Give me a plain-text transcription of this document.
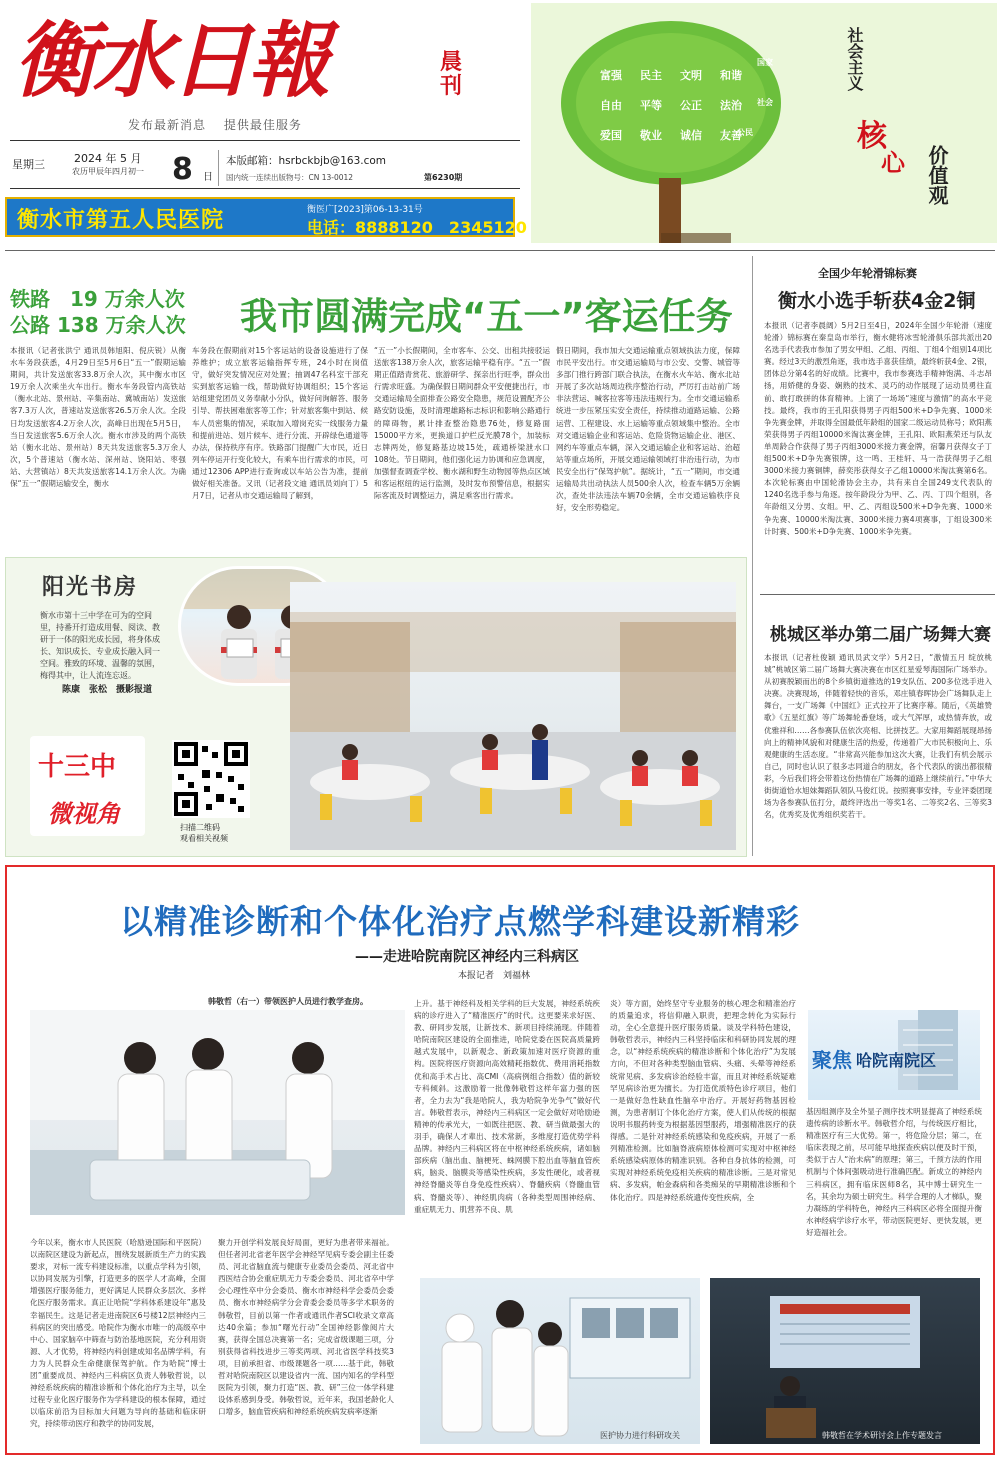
衡水日報	晨刊
发布最新消息　 提供最佳服务
星期三	2024 年 5 月
农历甲辰年四月初一 8 日
本版邮箱：hsrbckbjb@163.com
国内统一连续出版物号：CN 13-0012	第6230期
衡水市第五人民医院	衡医广[2023]第06-13-31号
电话：8888120　2345120
富强	民主	文明	和谐
自由	平等	公正	法治
爱国	敬业	诚信	友善
国家
社会
公民
社会主义
核
心 价值观
铁路　19 万余人次
公路 138 万余人次 我市圆满完成“五一”客运任务
本报讯（记者张洪宁 通讯员韩旭阳、倪庆锐）从衡水车务段获悉，4月29日至5月6日“五一”假期运输期间，共计发送旅客33.8万余人次，其中衡水市区19万余人次乘坐火车出行。衡水车务段管内高铁站（衡水北站、景州站、辛集南站、冀城南站）发送旅客7.3万人次，普速站发送旅客26.5万余人次。全段日均发送旅客4.2万余人次，高峰日出现在5月5日，当日发送旅客5.6万余人次。衡水市涉及的两个高铁站（衡水北站、景州站）8天共发送旅客5.3万余人次，5个普速站（衡水站、深州站、饶阳站、枣强站、大营镇站）8天共发送旅客14.1万余人次。为确保“五一”假期运输安全，衡水
车务段在假期前对15个客运站的设备设施进行了保养维护；成立旅客运输指挥专班，24小时在岗值守，做好突发情况应对处置；抽调47名科室干部充实到旅客运输一线，帮助做好协调组织；15个客运站组建党团员义务奉献小分队，做好问询解答、服务引导、帮扶困难旅客等工作；针对旅客集中到站、候车人员密集的情况，采取加入增岗充实一线服务力量和提前进站、划片候车、进行分流、开辟绿色通道等办法，保持秩序有序。铁路部门提醒广大市民，近日列车停运开行变化较大，有乘车出行需求的市民，可通过12306 APP进行查询或以车站公告为准，提前做好相关准备。又讯（记者段文迪 通讯员刘向丁）5月7日，记者从市交通运输局了解到，
“五一”小长假期间，全市客车、公交、出租共接驳运送旅客138万余人次，旅客运输平稳有序。“五一”假期正值踏青赏花、旅游研学、探亲出行旺季，群众出行需求旺盛。为确保假日期间群众平安便捷出行，市交通运输局全面排查公路安全隐患，规范设置配齐公路安防设施，及时清理雄路标志标识和影响公路通行的障碍物，累计排查整治隐患76处，修复路面15000平方米，更换道口护栏反光膜78个，加装标志牌两处，修复路基边坡15处，疏通桥梁泄水口108处。节日期间，他们强化运力协调和应急调度，加强督查调查学校、衡水湖和野生动物园等热点区域和客运枢纽的运行监测，及时发布预警信息，根据实际客流及时调整运力，满足乘客出行需求。
假日期间，我市加大交通运输重点领域执法力度，保障市民平安出行。市交通运输局与市公安、交警、城管等多部门推行跨部门联合执法，在衡水火车站、衡水北站开展了多次站场周边秩序整治行动，严厉打击站前广场非法营运、喊客拉客等违法违规行为。全市交通运输系统进一步压紧压实安全责任，持续推动道路运输、公路运营、工程建设、水上运输等重点领域集中整治。全市对交通运输企业和客运站、危险货物运输企业、港区、网约车等重点车辆，深入交通运输企业和客运站、治超站等重点场所，开展交通运输领域打非治违行动，为市民安全出行“保驾护航”。据统计，“五一”期间，市交通运输局共出动执法人员500余人次，检查车辆5万余辆次，查处非法违法车辆70余辆，全市交通运输秩序良好，安全形势稳定。
全国少年轮滑锦标赛
衡水小选手斩获4金2铜
本报讯（记者李晨阔）5月2日至4日，2024年全国少年轮滑（速度轮滑）锦标赛在秦皇岛市举行，衡水健将冰雪轮滑俱乐部共派出20名选手代表我市参加了男女甲组、乙组、丙组、丁组4个组别14项比赛。经过3天的激烈角逐，我市选手喜获佳绩，最终斩获4金、2银，团体总分第4名的好成绩。比赛中，我市参赛选手精神饱满、斗志昂扬，用娇健的身姿、娴熟的技术、灵巧的动作展现了运动员勇往直前、敢打敢拼的体育精神。上演了一场场“速度与激情”的高水平竞技。最终，我市的王孔阳获得男子丙组500米+D争先赛、1000米争先赛金牌，并取得全国最低年龄组的国家二级运动员称号；欧阳燕荣获得男子丙组10000米淘汰赛金牌，王孔阳、欧阳燕荣还与队友单周龄合作获得了男子丙组3000米接力赛金牌，宿馨月获得女子丁组500米+D争先赛银牌，这一鸣、王桂轩、马一浩获得男子乙组3000米接力赛铜牌，薛奕彤获得女子乙组10000米淘汰赛第6名。本次轮标赛由中国轮滑协会主办，共有来自全国249支代表队的1240名选手参与角逐。按年龄段分为甲、乙、丙、丁四个组别，各年龄组又分男、女组。甲、乙、丙组设500米+D争先赛、1000米争先赛、10000米淘汰赛、3000米接力赛4项赛事，丁组设300米计时赛、500米+D争先赛、1000米争先赛。
桃城区举办第二届广场舞大赛
本报讯（记者杜俊颖 通讯员武文学）5月2日，“激情五月 绽放桃城”桃城区第二届广场舞大赛决赛在市区红星爱琴海国际广场举办。从初赛脱颖而出的8个乡镇街道推选的19支队伍、200多位选手进入决赛。决赛现场，伴随着轻快的音乐，邓庄镇春晖协会广场舞队走上舞台，一支广场舞《中国红》正式拉开了比赛序幕。随后，《英雄赞歌》《五星红旗》等广场舞轮番登场，或大气浑厚，或热情奔放，或优雅祥和……各参赛队伍依次亮相、比拼技艺。大家用舞蹈展现昂扬向上的精神风貌和对健康生活的热爱，传递着广大市民积极向上、乐观健康的生活态度。“非常高兴能参加这次大赛，让我们有机会展示自己，同时也认识了很多志同道合的朋友，各个代表队的演出都很精彩，今后我们将会带着这份热情在广场舞的道路上继续前行。”中华大街街道恰水旭妹舞蹈队领队马俊红说。按照赛事安排，专业评委团现场为各参赛队伍打分，最终评选出一等奖1名、二等奖2名、三等奖3名，优秀奖及优秀组织奖若干。
阳光书房
衡水市第十三中学在可为的空间里，持番开打造成用餐、阅读、教研于一体的阳光成长园，将身体成长、知识成长、专业成长融入同一空间。雅致的环境、温馨的氛围，梅得其中，让人流连忘返。
陈康　张松　摄影报道
十三中
微视角	扫描二维码
观看相关视频
以精准诊断和个体化治疗点燃学科建设新精彩
——走进哈院南院区神经内三科病区
本报记者　刘福林
韩敬哲（右一）带领医护人员进行教学查房。
聚焦 哈院南院区
今年以来，衡水市人民医院（哈励逊国际和平医院）以南院区建设为新起点，围绕发展新质生产力的实践要求，对标一流专科建设标准，以重点学科为引领，以协同发展为引擎，打造更多的医学人才高峰，全面增强医疗服务能力，更好满足人民群众多层次、多样化医疗服务需求。真正让哈院“学科体系建设年”惠及幸福民生。这是记者走进南院区6号楼12层神经内三科病区的突出感受。哈院作为衡水市唯一的高级卒中中心、国家脑卒中筛查与防治基地医院，充分利用资源、人才优势，将神经内科创建成知名品牌学科，有力为人民群众生命健康保驾护航。作为哈院“博士团”重要成员、神经内三科病区负责人韩敬哲说，以神经系统疾病的精准诊断和个体化治疗为主导，以全过程专业化医疗服务作为学科建设的根本保障，通过以临床前沿为目标加大问题为导向的基础和临床研究，持续带动医疗和教学的协同发展，
聚力开创学科发展良好局面，更好为患者带来福祉。但任者河北省老年医学会神经罕见病专委会副主任委员、河北省脑血流与健康专业委员会委员、河北省中西医结合协会重症肌无力专委会委员、河北省卒中学会心理性卒中分会委员、衡水市神经科学会委员会委员、衡水市神经病学分会青委会委员等多学术职务的韩敬哲，目前以第一作者或通讯作者SCI收录文章高达40余篇；参加“曙光行动”全国神经影像阅片大赛，获得全国总决赛第一名；完成省级课题三项，分别获得省科技进步三等奖两项、河北省医学科技奖3项，目前承担省、市级课题各一项……基于此，韩敬哲对哈院南院区以建设省内一流、国内知名的学科型医院为引领，聚力打造“医、教、研”三位一体学科建设体系感到身受。韩敬哲说，近年来，我国老龄化人口增多，脑血管疾病和神经系统疾病发病率逐渐
上升。基于神经科及相关学科的巨大发展，神经系统疾病的诊疗进入了“精准医疗”的时代。这更要来求好医、教、研同步发展，让新技术、新项目持续涌现。伴随着哈院南院区建设的全面推进，哈院党委在医院高质量跨越式发展中，以新观念、新政策加速对医疗资源的重构。医院将医疗资源向高效精耗指数优、费用消耗指数优和高手术占比、高CMI（高病例组合指数）值的新较专科倾斜。这激励着一批像韩敬哲这样年富力强的医者，全力去为“我是哈院人，我为哈院争光争气”做好代言。韩敬哲表示，神经内三科病区一定会做好对哈励逊精神的传承光大，一如既往把医、教、研当做最强大的羽手，确保人才辈出、技术常新，多维度打造优势学科品牌。神经内三科病区将在中枢神经系统疾病，诸如脑部疾病（脑出血、脑梗死、蛛网膜下腔出血等脑血管疾病，脑炎、脑膜炎等感染性疾病，多发性硬化，或者视神经脊髓炎等自身免疫性疾病）、脊髓疾病（脊髓血管病、脊髓炎等）、神经肌肉病（各种类型周围神经病、重症肌无力、肌营养不良、肌
炎）等方面，始终坚守专业服务的核心理念和精准治疗的质量追求，将信仰融入职责，把理念转化为实际行动，全心全意提升医疗服务质量。谈及学科特色建设，韩敬哲表示，神经内三科坚持临床和科研协同发展的理念，以“神经系统疾病的精准诊断和个体化治疗”为发展方向，不但对各种类型脑血管病、头痛、头晕等神经系统常见病、多发病诊治经验丰富，而且对神经系统疑难罕见病诊治更为擅长。为打造优质特色诊疗项目，他们一是做好急性缺血性脑卒中治疗。开展好药物基因检测，为患者制订个体化治疗方案，使人们从传统的根据说明书服药转变为根据基因型服药，增强精准医疗的获得感。二是针对神经系统感染和免疫疾病，开展了一系列精准检测。比如脑脊液病原体检测可实现对中枢神经系统感染病原体的精准识别。各种自身抗体的检测，可实现对神经系统免疫相关疾病的精准诊断。三是对常见病、多发病，帕金森病和各类痴呆的早期精准诊断和个体化治疗。四是神经系统遗传变性疾病，全
基因组测序及全外显子测序技术明显提高了神经系统遗传病的诊断水平。韩敬哲介绍，与传统医疗相比，精准医疗有三大优势。第一，将危险分层；第二，在临床表现之前，尽可能早地探查疾病以便及时干预，类似于古人“治未病”的原理；第三，千预方法的作用机制与个体间强吸动进行准确匹配。新成立的神经内三科病区，拥有临床医师8名，其中博士研究生一名，其余均为硕士研究生。科学合理的人才梯队，聚力凝练的学科特色，神经内三科病区必将全面提升衡水神经病学诊疗水平，带动医院更好、更快发展，更好造福社会。
医护协力进行科研攻关	韩敬哲在学术研讨会上作专题发言
